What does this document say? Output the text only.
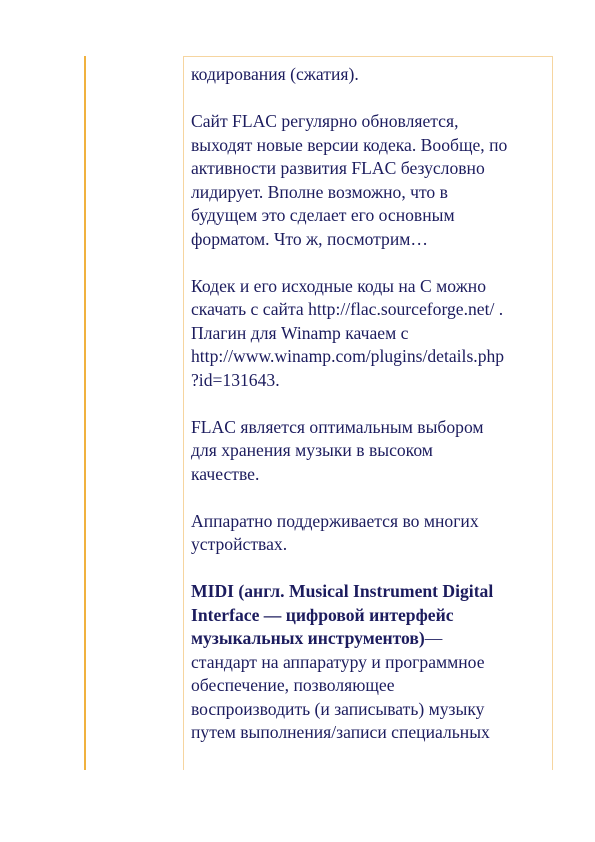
кодирования (сжатия).

Сайт FLAC регулярно обновляется,
выходят новые версии кодека. Вообще, по
активности развития FLAC безусловно
лидирует. Вполне возможно, что в
будущем это сделает его основным
форматом. Что ж, посмотрим…

Кодек и его исходные коды на C можно
скачать с сайта http://flac.sourceforge.net/ .
Плагин для Winamp качаем с
http://www.winamp.com/plugins/details.php
?id=131643.

FLAC является оптимальным выбором
для хранения музыки в высоком
качестве.

Аппаратно поддерживается во многих
устройствах.

MIDI (англ. Musical Instrument Digital
Interface — цифровой интерфейс
музыкальных инструментов)—
стандарт на аппаратуру и программное
обеспечение, позволяющее
воспроизводить (и записывать) музыку
путем выполнения/записи специальных
